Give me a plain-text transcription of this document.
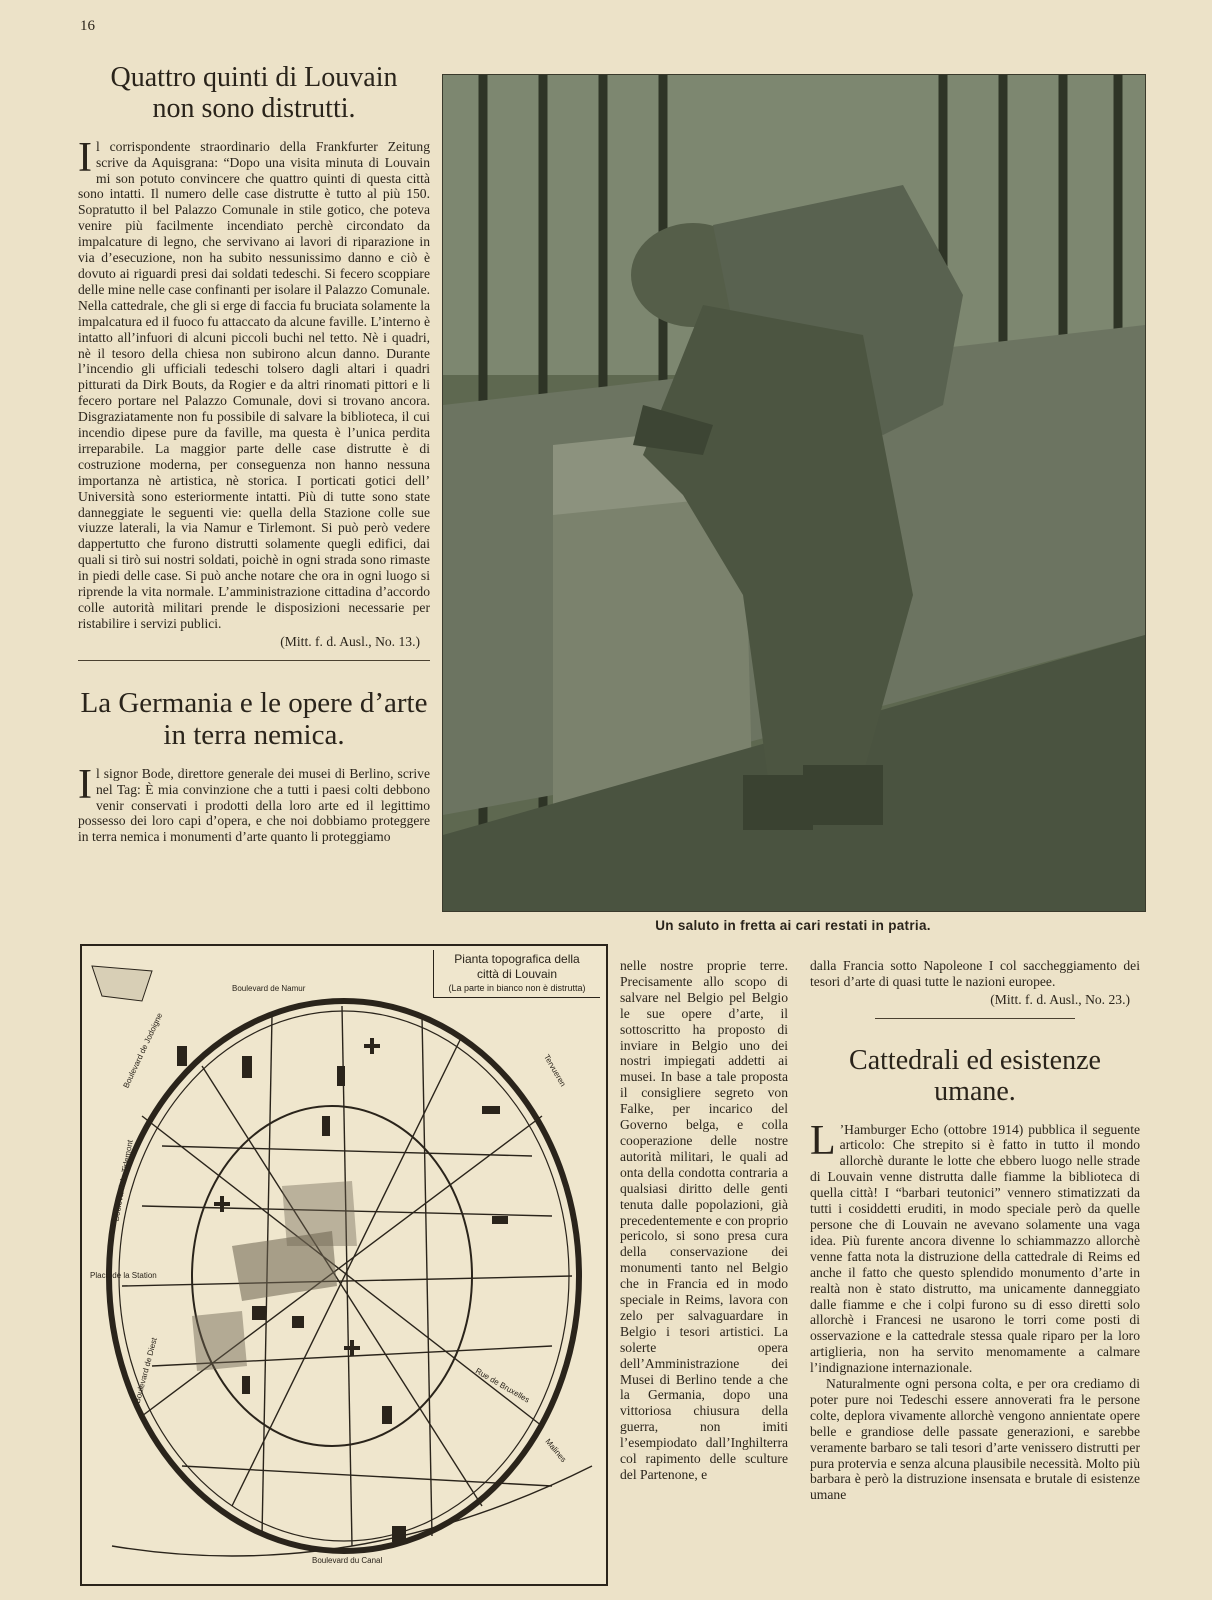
16
Quattro quinti di Louvain
non sono distrutti.

Il corrispondente straordinario della Frankfurter Zeitung scrive da Aquisgrana: “Dopo una visita minuta di Louvain mi son potuto convincere che quattro quinti di questa città sono intatti. Il numero delle case distrutte è tutto al più 150. Sopratutto il bel Palazzo Comunale in stile gotico, che poteva venire più facilmente incendiato perchè circondato da impalcature di legno, che servivano ai lavori di riparazione in via d’esecuzione, non ha subito nessunissimo danno e ciò è dovuto ai riguardi presi dai soldati tedeschi. Si fecero scoppiare delle mine nelle case confinanti per isolare il Palazzo Comunale. Nella cattedrale, che gli si erge di faccia fu bruciata solamente la impalcatura ed il fuoco fu attaccato da alcune faville. L’interno è intatto all’infuori di alcuni piccoli buchi nel tetto. Nè i quadri, nè il tesoro della chiesa non subirono alcun danno. Durante l’incendio gli ufficiali tedeschi tolsero dagli altari i quadri pitturati da Dirk Bouts, da Rogier e da altri rinomati pittori e li fecero portare nel Palazzo Comunale, dovi si trovano ancora. Disgraziatamente non fu possibile di salvare la biblioteca, il cui incendio dipese pure da faville, ma questa è l’unica perdita irreparabile. La maggior parte delle case distrutte è di costruzione moderna, per conseguenza non hanno nessuna importanza nè artistica, nè storica. I porticati gotici dell’ Università sono esteriormente intatti. Più di tutte sono state danneggiate le seguenti vie: quella della Stazione colle sue viuzze laterali, la via Namur e Tirlemont. Si può però vedere dappertutto che furono distrutti solamente quegli edifici, dai quali si tirò sui nostri soldati, poichè in ogni strada sono rimaste in piedi delle case. Si può anche notare che ora in ogni luogo si riprende la vita normale. L’amministrazione cittadina d’accordo colle autorità militari prende le disposizioni necessarie per ristabilire i servizi publici.

(Mitt. f. d. Ausl., No. 13.)
La Germania e le opere d’arte
in terra nemica.

Il signor Bode, direttore generale dei musei di Berlino, scrive nel Tag: È mia convinzione che a tutti i paesi colti debbono venir conservati i prodotti della loro arte ed il legittimo possesso dei loro capi d’opera, e che noi dobbiamo proteggere in terra nemica i monumenti d’arte quanto li proteggiamo

Un saluto in fretta ai cari restati in patria.
Pianta topografica della
città di Louvain
(La parte in bianco non è distrutta)
Boulevard de Namur
Boulevard de Jodoigne
Boulevard de Tirlemont
Boulevard de Diest
Boulevard du Canal
Place de la Station
Rue de Bruxelles
Tervueren
Malines

nelle nostre proprie terre. Precisamente allo scopo di salvare nel Belgio pel Belgio le sue opere d’arte, il sottoscritto ha proposto di inviare in Belgio uno dei nostri impiegati addetti ai musei. In base a tale proposta il consigliere segreto von Falke, per incarico del Governo belga, e colla cooperazione delle nostre autorità militari, le quali ad onta della condotta contraria a qualsiasi diritto delle genti tenuta dalle popolazioni, già precedentemente e con proprio pericolo, si sono presa cura della conservazione dei monumenti tanto nel Belgio che in Francia ed in modo speciale in Reims, lavora con zelo per salvaguardare in Belgio i tesori artistici. La solerte opera dell’Amministrazione dei Musei di Berlino tende a che la Germania, dopo una vittoriosa chiusura della guerra, non imiti l’esempiodato dall’Inghilterra col rapimento delle sculture del Partenone, e

dalla Francia sotto Napoleone I col saccheggiamento dei tesori d’arte di quasi tutte le nazioni europee.

(Mitt. f. d. Ausl., No. 23.)
Cattedrali ed esistenze
umane.

L ’Hamburger Echo (ottobre 1914) pubblica il seguente articolo: Che strepito si è fatto in tutto il mondo allorchè durante le lotte che ebbero luogo nelle strade di Louvain venne distrutta dalle fiamme la biblioteca di quella città! I “barbari teutonici” vennero stimatizzati da tutti i cosiddetti eruditi, in modo speciale però da quelle persone che di Louvain ne avevano solamente una vaga idea. Più furente ancora divenne lo schiammazzo allorchè venne fatta nota la distruzione della cattedrale di Reims ed anche il fatto che questo splendido monumento d’arte in realtà non è stato distrutto, ma unicamente danneggiato dalle fiamme e che i colpi furono su di esso diretti solo allorchè i Francesi ne usarono le torri come posti di osservazione e la cattedrale stessa quale riparo per la loro artiglieria, non ha servito menomamente a calmare l’indignazione internazionale.

Naturalmente ogni persona colta, e per ora crediamo di poter pure noi Tedeschi essere annoverati fra le persone colte, deplora vivamente allorchè vengono annientate opere belle e grandiose delle passate generazioni, e sarebbe veramente barbaro se tali tesori d’arte venissero distrutti per pura protervia e senza alcuna plausibile necessità. Molto più barbara è però la distruzione insensata e brutale di esistenze umane
